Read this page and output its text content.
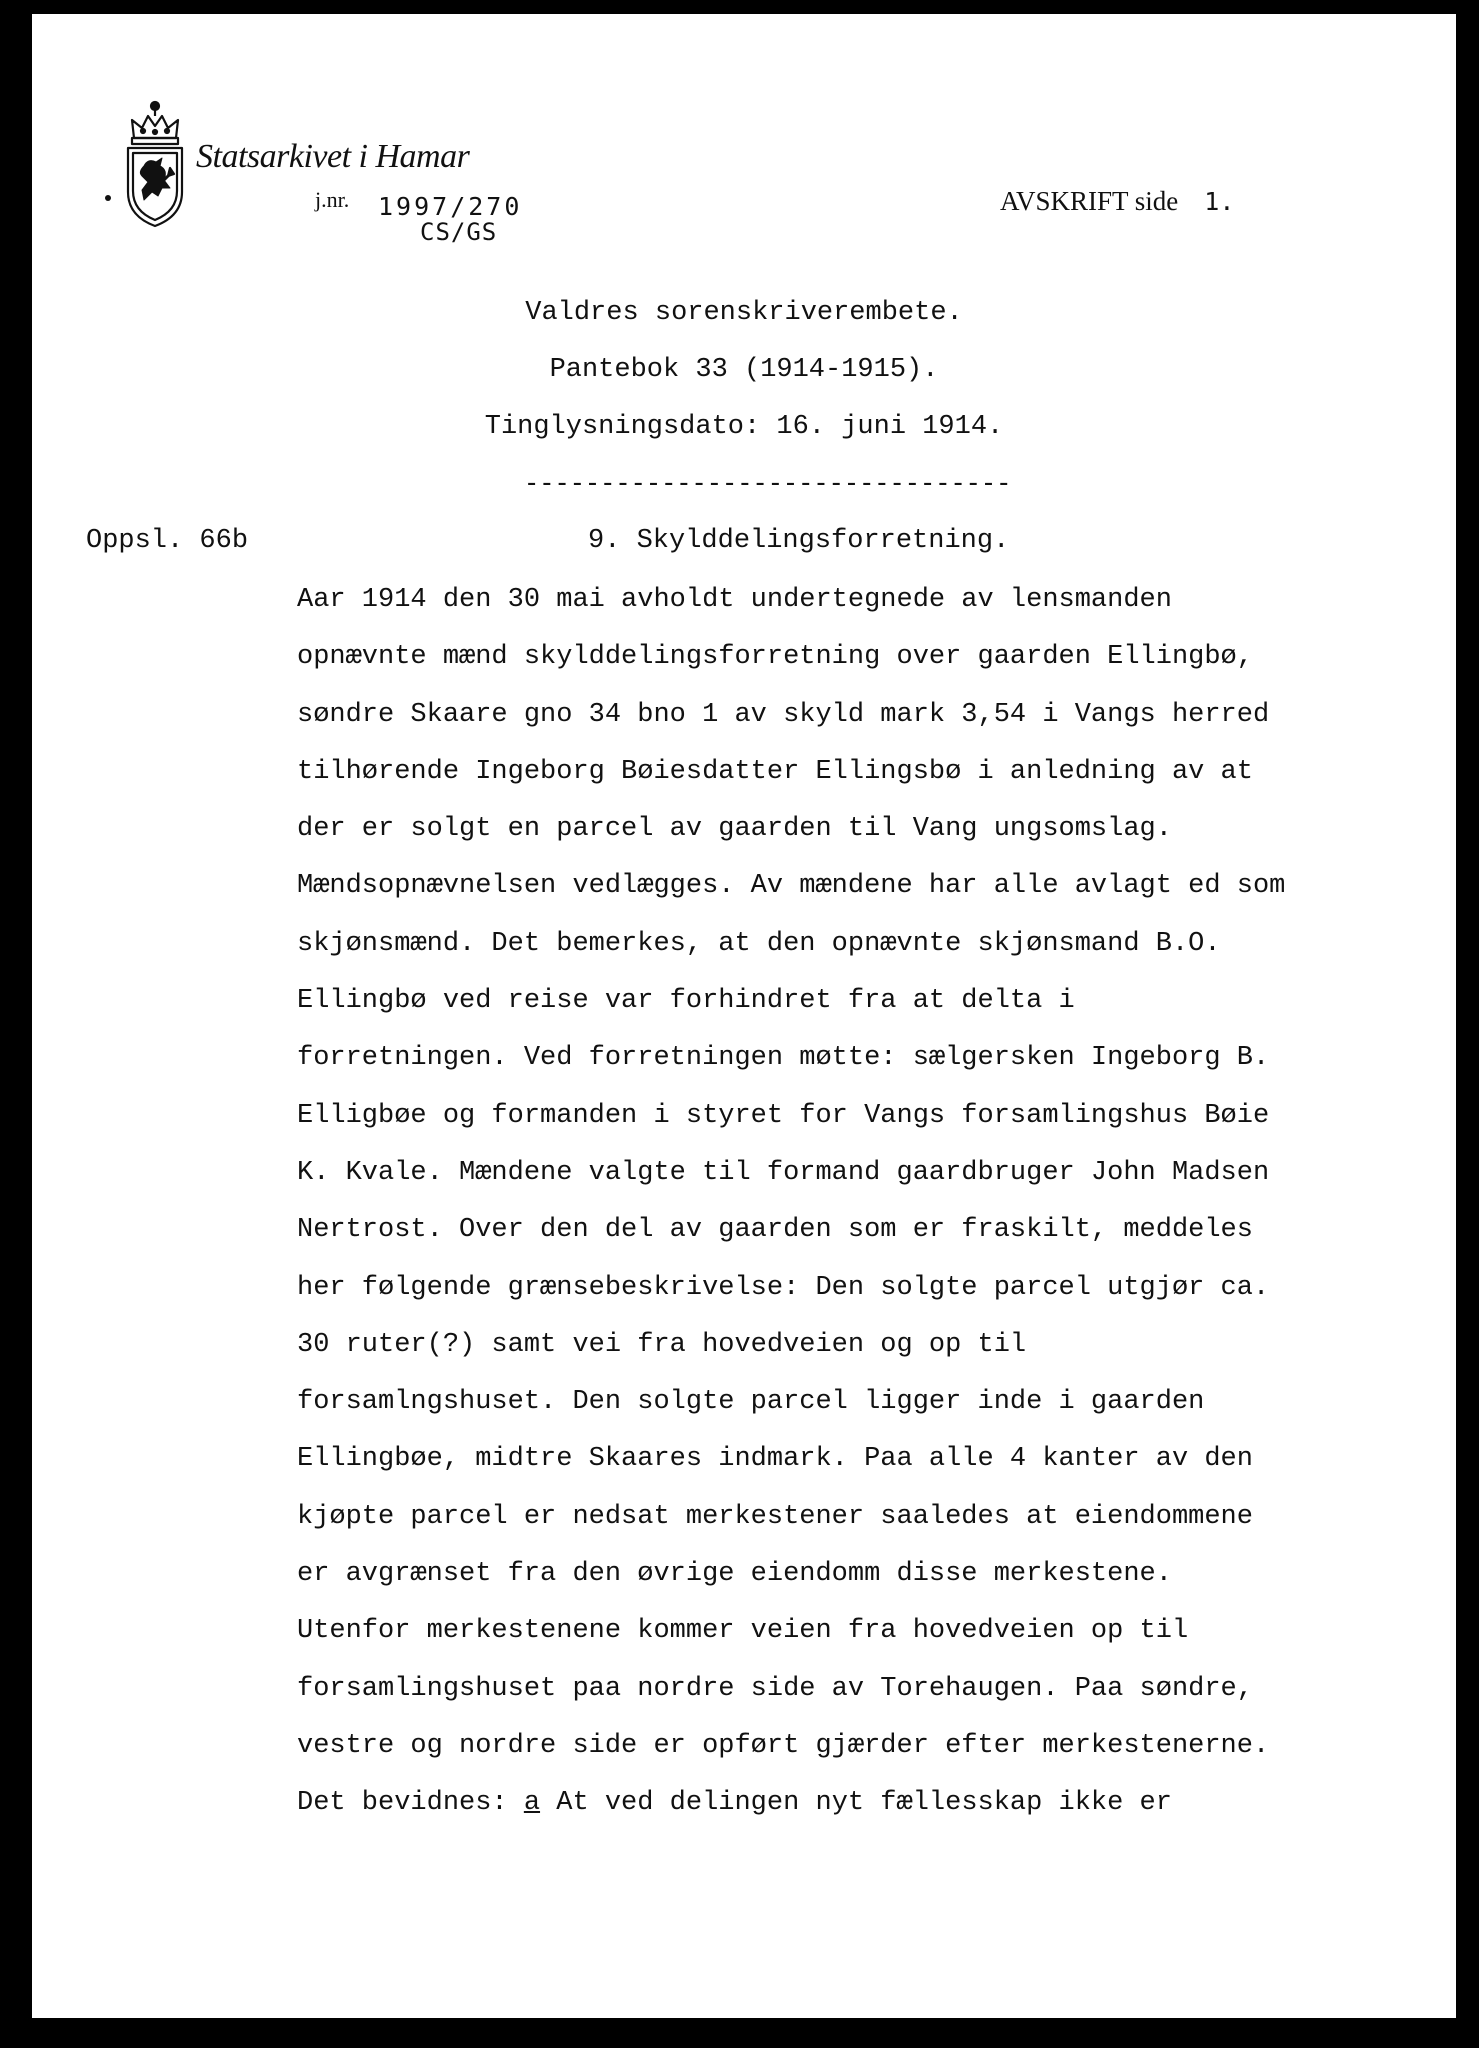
Statsarkivet i Hamar
j.nr. 1997/270
CS/GS
AVSKRIFT side 1.
Valdres sorenskriverembete.
Pantebok 33 (1914-1915).
Tinglysningsdato: 16. juni 1914.
--------------------------------
Oppsl. 66b	9. Skylddelingsforretning.
Aar 1914 den 30 mai avholdt undertegnede av lensmanden
opnævnte mænd skylddelingsforretning over gaarden Ellingbø,
søndre Skaare gno 34 bno 1 av skyld mark 3,54 i Vangs herred
tilhørende Ingeborg Bøiesdatter Ellingsbø i anledning av at
der er solgt en parcel av gaarden til Vang ungsomslag.
Mændsopnævnelsen vedlægges. Av mændene har alle avlagt ed som
skjønsmænd. Det bemerkes, at den opnævnte skjønsmand B.O.
Ellingbø ved reise var forhindret fra at delta i
forretningen. Ved forretningen møtte: sælgersken Ingeborg B.
Elligbøe og formanden i styret for Vangs forsamlingshus Bøie
K. Kvale. Mændene valgte til formand gaardbruger John Madsen
Nertrost. Over den del av gaarden som er fraskilt, meddeles
her følgende grænsebeskrivelse: Den solgte parcel utgjør ca.
30 ruter(?) samt vei fra hovedveien og op til
forsamlngshuset. Den solgte parcel ligger inde i gaarden
Ellingbøe, midtre Skaares indmark. Paa alle 4 kanter av den
kjøpte parcel er nedsat merkestener saaledes at eiendommene
er avgrænset fra den øvrige eiendomm disse merkestene.
Utenfor merkestenene kommer veien fra hovedveien op til
forsamlingshuset paa nordre side av Torehaugen. Paa søndre,
vestre og nordre side er opført gjærder efter merkestenerne.
Det bevidnes: a At ved delingen nyt fællesskap ikke er
